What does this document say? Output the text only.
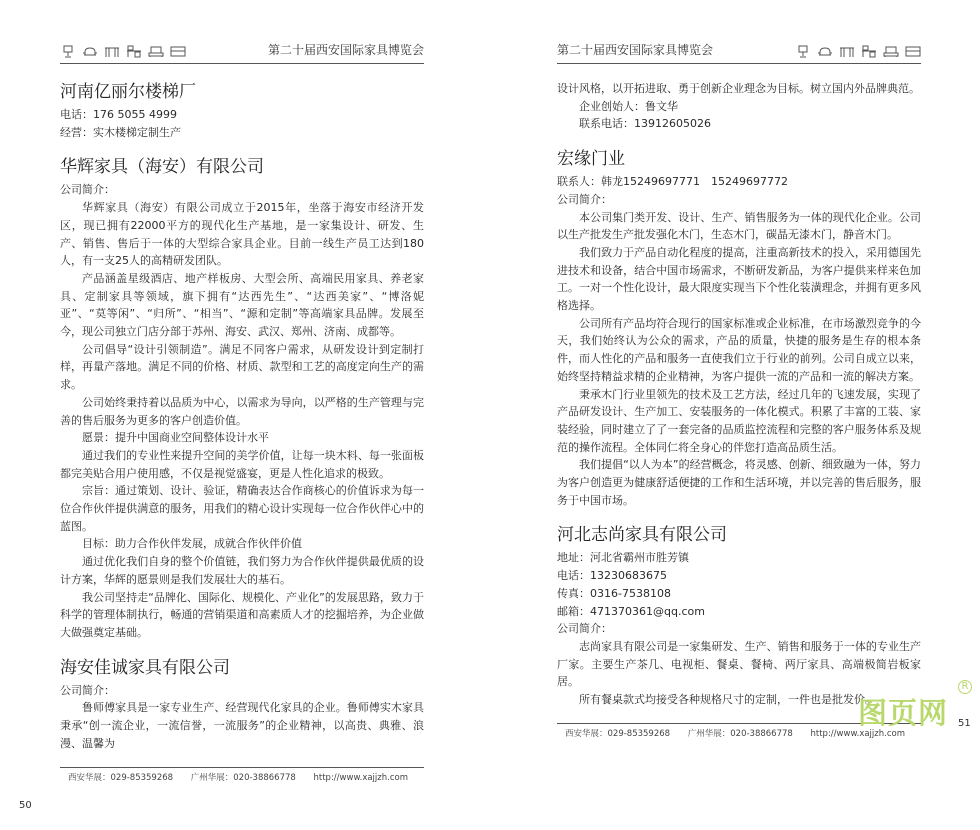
第二十届西安国际家具博览会
河南亿丽尔楼梯厂

电话：176 5055 4999

经营：实木楼梯定制生产

华辉家具（海安）有限公司

公司简介：

华辉家具（海安）有限公司成立于2015年，坐落于海安市经济开发区，现已拥有22000平方的现代化生产基地，是一家集设计、研发、生产、销售、售后于一体的大型综合家具企业。目前一线生产员工达到180人，有一支25人的高精研发团队。

产品涵盖星级酒店、地产样板房、大型会所、高端民用家具、养老家具、定制家具等领域，旗下拥有“达西先生”、“达西美家”、“博洛妮亚”、“莫等闲”、“归所”、“相当”、“源和定制”等高端家具品牌。发展至今，现公司独立门店分部于苏州、海安、武汉、郑州、济南、成都等。

公司倡导“设计引领制造”。满足不同客户需求，从研发设计到定制打样，再量产落地。满足不同的价格、材质、款型和工艺的高度定向生产的需求。

公司始终秉持着以品质为中心，以需求为导向，以严格的生产管理与完善的售后服务为更多的客户创造价值。

愿景：提升中国商业空间整体设计水平

通过我们的专业性来提升空间的美学价值，让每一块木料、每一张面板都完美贴合用户使用感，不仅是视觉盛宴，更是人性化追求的极致。

宗旨：通过策划、设计、验证，精确表达合作商核心的价值诉求为每一位合作伙伴提供满意的服务，用我们的精心设计实现每一位合作伙伴心中的蓝图。

目标：助力合作伙伴发展，成就合作伙伴价值

通过优化我们自身的整个价值链，我们努力为合作伙伴提供最优质的设计方案，华辉的愿景则是我们发展壮大的基石。

我公司坚持走“品牌化、国际化、规模化、产业化”的发展思路，致力于科学的管理体制执行，畅通的营销渠道和高素质人才的挖掘培养，为企业做大做强奠定基础。

海安佳诚家具有限公司

公司简介：

鲁师傅家具是一家专业生产、经营现代化家具的企业。鲁师傅实木家具秉承“创一流企业，一流信誉，一流服务”的企业精神，以高贵、典雅、浪漫、温馨为

西安华展：029-85359268 广州华展：020-38866778 http://www.xajjzh.com
50
第二十届西安国际家具博览会

设计风格，以开拓进取、勇于创新企业理念为目标。树立国内外品牌典范。

企业创始人：鲁文华

联系电话：13912605026

宏缘门业

联系人：韩龙15249697771　15249697772

公司简介：

本公司集门类开发、设计、生产、销售服务为一体的现代化企业。公司以生产批发生产批发强化木门，生态木门，碳晶无漆木门，静音木门。

我们致力于产品自动化程度的提高，注重高新技术的投入，采用德国先进技术和设备，结合中国市场需求，不断研发新品，为客户提供来样来色加工。一对一个性化设计，最大限度实现当下个性化装潢理念，并拥有更多风格选择。

公司所有产品均符合现行的国家标准或企业标准，在市场激烈竞争的今天，我们始终认为公众的需求，产品的质量，快捷的服务是生存的根本条件，而人性化的产品和服务一直使我们立于行业的前列。公司自成立以来，始终坚持精益求精的企业精神，为客户提供一流的产品和一流的解决方案。

秉承木门行业里领先的技术及工艺方法，经过几年的飞速发展，实现了产品研发设计、生产加工、安装服务的一体化模式。积累了丰富的工装、家装经验，同时建立了了一套完备的品质监控流程和完整的客户服务体系及规范的操作流程。全体同仁将全身心的伴您打造高品质生活。

我们提倡“以人为本”的经营概念，将灵感、创新、细致融为一体，努力为客户创造更为健康舒适便捷的工作和生活环境，并以完善的售后服务，服务于中国市场。

河北志尚家具有限公司

地址：河北省霸州市胜芳镇

电话：13230683675

传真：0316-7538108

邮箱：471370361@qq.com

公司简介：

志尚家具有限公司是一家集研发、生产、销售和服务于一体的专业生产厂家。主要生产茶几、电视柜、餐桌、餐椅、两厅家具、高端极简岩板家居。

所有餐桌款式均接受各种规格尺寸的定制，一件也是批发价。

西安华展：029-85359268 广州华展：020-38866778 http://www.xajjzh.com
图页网
R
51
